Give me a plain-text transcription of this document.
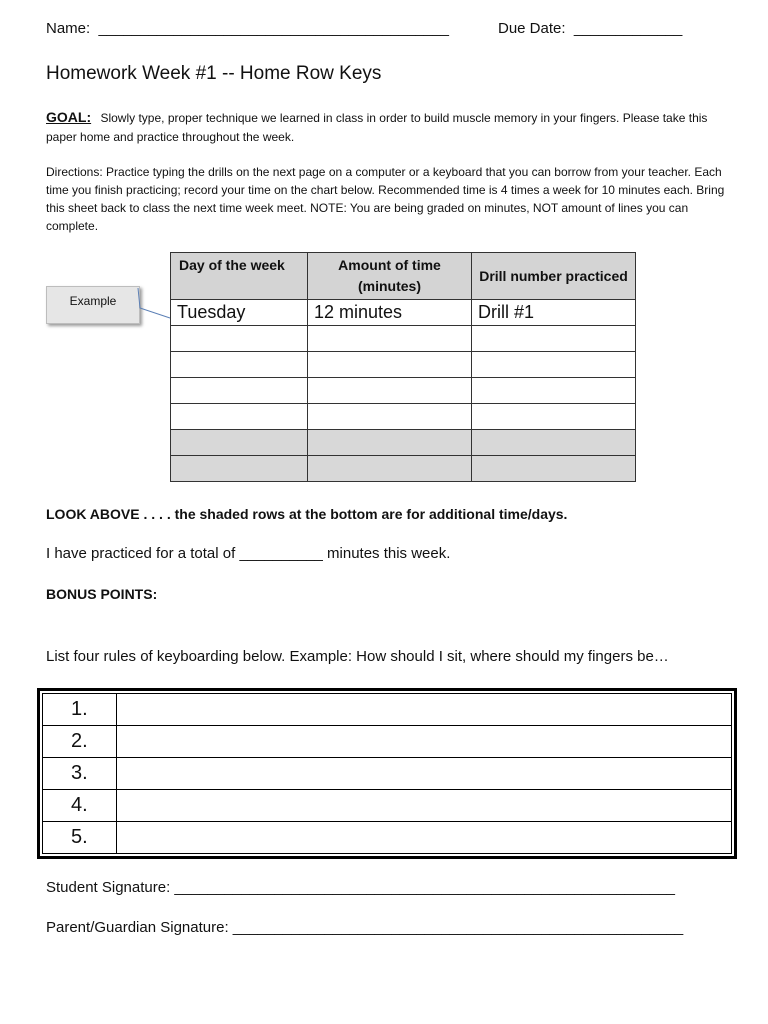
Name: __________________________________________	Due Date: _____________
Homework Week #1 -- Home Row Keys
GOAL: Slowly type, proper technique we learned in class in order to build muscle memory in your fingers. Please take this paper home and practice throughout the week.
Directions: Practice typing the drills on the next page on a computer or a keyboard that you can borrow from your teacher. Each time you finish practicing; record your time on the chart below. Recommended time is 4 times a week for 10 minutes each. Bring this sheet back to class the next time week meet. NOTE: You are being graded on minutes, NOT amount of lines you can complete.
Example
Day of the week	Amount of time (minutes)	Drill number practiced
Tuesday	12 minutes	Drill #1

LOOK ABOVE . . . . the shaded rows at the bottom are for additional time/days.
I have practiced for a total of __________ minutes this week.
BONUS POINTS:
List four rules of keyboarding below. Example: How should I sit, where should my fingers be…
1.	
2.	
3.	
4.	
5.	
Student Signature: ____________________________________________________________
Parent/Guardian Signature: ______________________________________________________
